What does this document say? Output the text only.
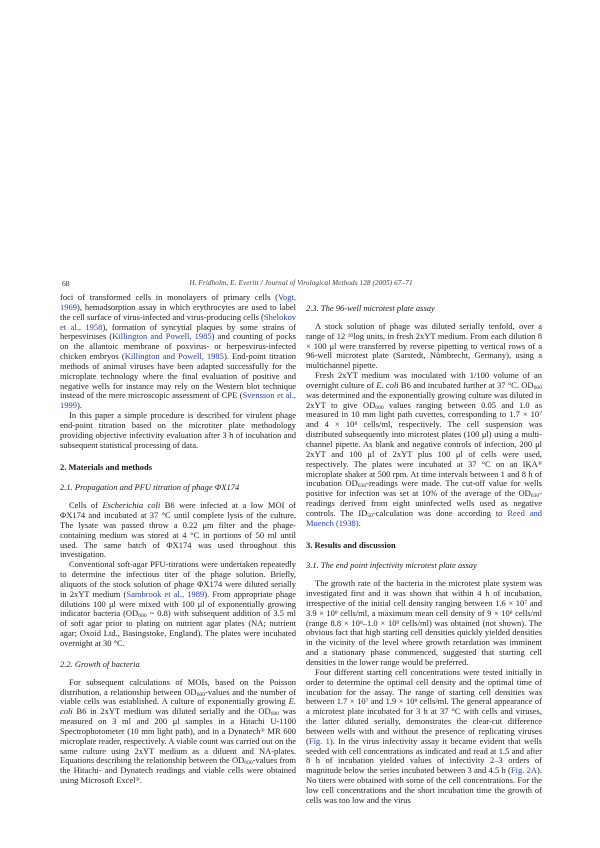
68	H. Fridholm, E. Everitt / Journal of Virological Methods 128 (2005) 67–71

foci of transformed cells in monolayers of primary cells (Vogt, 1969), hemadsorption assay in which erythrocytes are used to label the cell surface of virus-infected and virus-producing cells (Shelokov et al., 1958), formation of syncytial plaques by some strains of herpesviruses (Killington and Powell, 1985) and counting of pocks on the allantoic membrane of poxvirus- or herpesvirus-infected chicken embryos (Killington and Powell, 1985). End-point titration methods of animal viruses have been adapted successfully for the microplate technology where the final evaluation of positive and negative wells for instance may rely on the Western blot technique instead of the mere microscopic assessment of CPE (Svensson et al., 1999).

In this paper a simple procedure is described for virulent phage end-point titration based on the microtiter plate methodology providing objective infectivity evaluation after 3 h of incubation and subsequent statistical processing of data.

2. Materials and methods
2.1. Propagation and PFU titration of phage ΦX174

Cells of Escherichia coli B6 were infected at a low MOI of ΦX174 and incubated at 37 °C until complete lysis of the culture. The lysate was passed throw a 0.22 μm filter and the phage-containing medium was stored at 4 °C in portions of 50 ml until used. The same batch of ΦX174 was used throughout this investigation.

Conventional soft-agar PFU-titrations were undertaken repeatedly to determine the infectious titer of the phage solution. Briefly, aliquots of the stock solution of phage ΦX174 were diluted serially in 2xYT medium (Sambrook et al., 1989). From appropriate phage dilutions 100 μl were mixed with 100 μl of exponentially growing indicator bacteria ($OD_{600}$ ~ 0.8) with subsequent addition of 3.5 ml of soft agar prior to plating on nutrient agar plates (NA; nutrient agar; Oxoid Ltd., Basingstoke, England). The plates were incubated overnight at 30 °C.

2.2. Growth of bacteria

For subsequent calculations of MOIs, based on the Poisson distribution, a relationship between $OD_{600}$-values and the number of viable cells was established. A culture of exponentially growing E. coli B6 in 2xYT medium was diluted serially and the $OD_{600}$ was measured on 3 ml and 200 μl samples in a Hitachi U-1100 Spectrophotometer (10 mm light path), and in a Dynatech® MR 600 microplate reader, respectively. A viable count was carried out on the same culture using 2xYT medium as a diluent and NA-plates. Equations describing the relationship between the $OD_{600}$-values from the Hitachi- and Dynatech readings and viable cells were obtained using Microsoft Excel®.

2.3. The 96-well microtest plate assay

A stock solution of phage was diluted serially tenfold, over a range of 12 $^{10}$log units, in fresh 2xYT medium. From each dilution 8 × 100 μl were transferred by reverse pipetting to vertical rows of a 96-well microtest plate (Sarstedt, Nümbrecht, Germany), using a multichannel pipette.

Fresh 2xYT medium was inoculated with 1/100 volume of an overnight culture of E. coli B6 and incubated further at 37 °C. $OD_{600}$ was determined and the exponentially growing culture was diluted in 2xYT to give $OD_{600}$ values ranging between 0.05 and 1.0 as measured in 10 mm light path cuvettes, corresponding to $1.7 \times 10^7$ and $4 \times 10^8$ cells/ml, respectively. The cell suspension was distributed subsequently into microtest plates (100 μl) using a multi-channel pipette. As blank and negative controls of infection, 200 μl 2xYT and 100 μl of 2xYT plus 100 μl of cells were used, respectively. The plates were incubated at 37 °C on an IKA® microplate shaker at 500 rpm. At time intervals between 1 and 8 h of incubation $OD_{630}$-readings were made. The cut-off value for wells positive for infection was set at 10% of the average of the $OD_{630}$-readings derived from eight uninfected wells used as negative controls. The $ID_{50}$-calculation was done according to Reed and Muench (1938).

3. Results and discussion
3.1. The end point infectivity microtest plate assay

The growth rate of the bacteria in the microtest plate system was investigated first and it was shown that within 4 h of incubation, irrespective of the initial cell density ranging between $1.6 \times 10^7$ and $3.9 \times 10^8$ cells/ml, a maximum mean cell density of $9 \times 10^8$ cells/ml (range $8.8 \times 10^8-1.0 \times 10^9$ cells/ml) was obtained (not shown). The obvious fact that high starting cell densities quickly yielded densities in the vicinity of the level where growth retardation was imminent and a stationary phase commenced, suggested that starting cell densities in the lower range would be preferred.

Four different starting cell concentrations were tested initially in order to determine the optimal cell density and the optimal time of incubation for the assay. The range of starting cell densities was between $1.7 \times 10^7$ and $1.9 \times 10^8$ cells/ml. The general appearance of a microtest plate incubated for 3 h at 37 °C with cells and viruses, the latter diluted serially, demonstrates the clear-cut difference between wells with and without the presence of replicating viruses (Fig. 1). In the virus infectivity assay it became evident that wells seeded with cell concentrations as indicated and read at 1.5 and after 8 h of incubation yielded values of infectivity 2–3 orders of magnitude below the series incubated between 3 and 4.5 h (Fig. 2A). No titers were obtained with some of the cell concentrations. For the low cell concentrations and the short incubation time the growth of cells was too low and the virus
